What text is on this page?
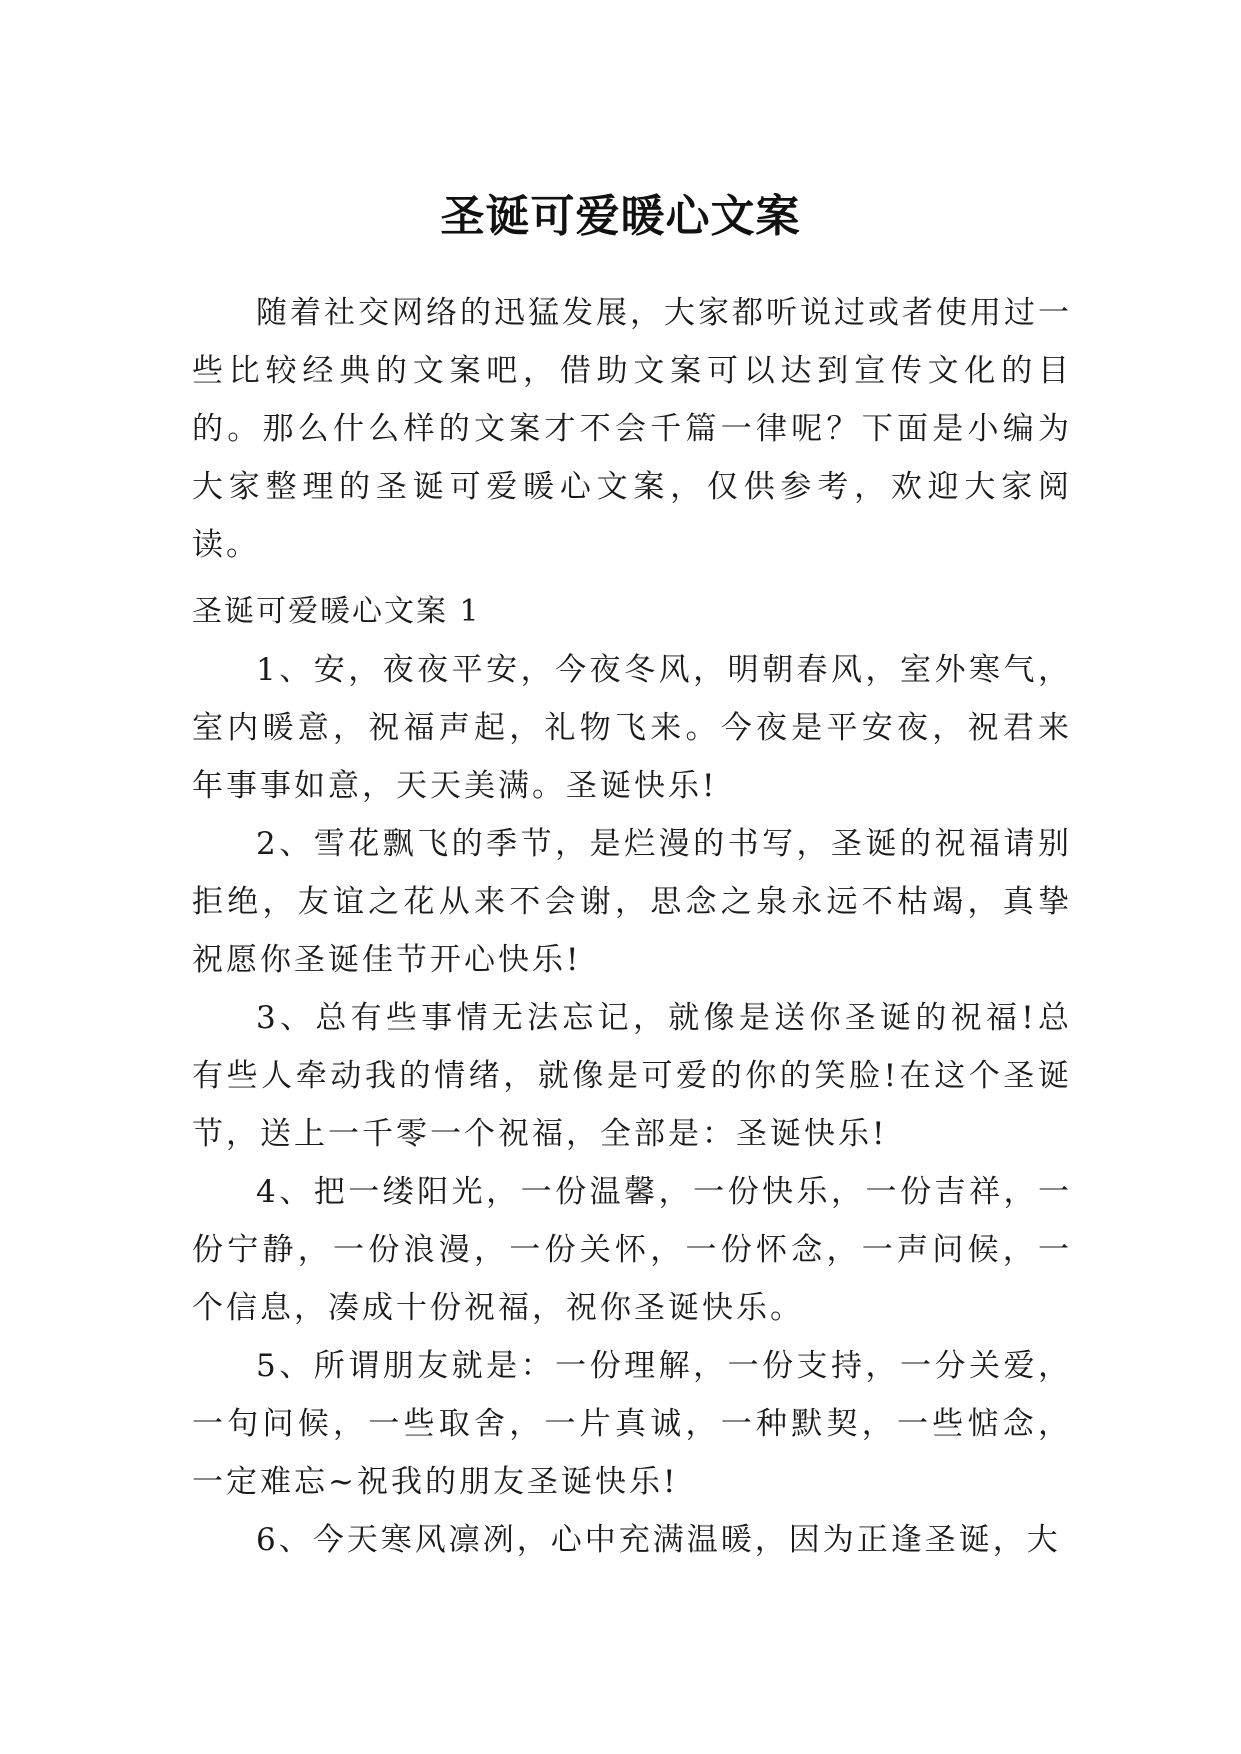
圣诞可爱暖心文案

随着社交网络的迅猛发展，大家都听说过或者使用过一些比较经典的文案吧，借助文案可以达到宣传文化的目的。那么什么样的文案才不会千篇一律呢？下面是小编为大家整理的圣诞可爱暖心文案，仅供参考，欢迎大家阅读。

圣诞可爱暖心文案 1

1、安，夜夜平安，今夜冬风，明朝春风，室外寒气，室内暖意，祝福声起，礼物飞来。今夜是平安夜，祝君来年事事如意，天天美满。圣诞快乐!

2、雪花飘飞的季节，是烂漫的书写，圣诞的祝福请别拒绝，友谊之花从来不会谢，思念之泉永远不枯竭，真挚祝愿你圣诞佳节开心快乐!

3、总有些事情无法忘记，就像是送你圣诞的祝福!总有些人牵动我的情绪，就像是可爱的你的笑脸!在这个圣诞节，送上一千零一个祝福，全部是：圣诞快乐!

4、把一缕阳光，一份温馨，一份快乐，一份吉祥，一份宁静，一份浪漫，一份关怀，一份怀念，一声问候，一个信息，凑成十份祝福，祝你圣诞快乐。

5、所谓朋友就是：一份理解，一份支持，一分关爱，一句问候，一些取舍，一片真诚，一种默契，一些惦念，一定难忘~祝我的朋友圣诞快乐!

6、今天寒风凛冽，心中充满温暖，因为正逢圣诞，大
